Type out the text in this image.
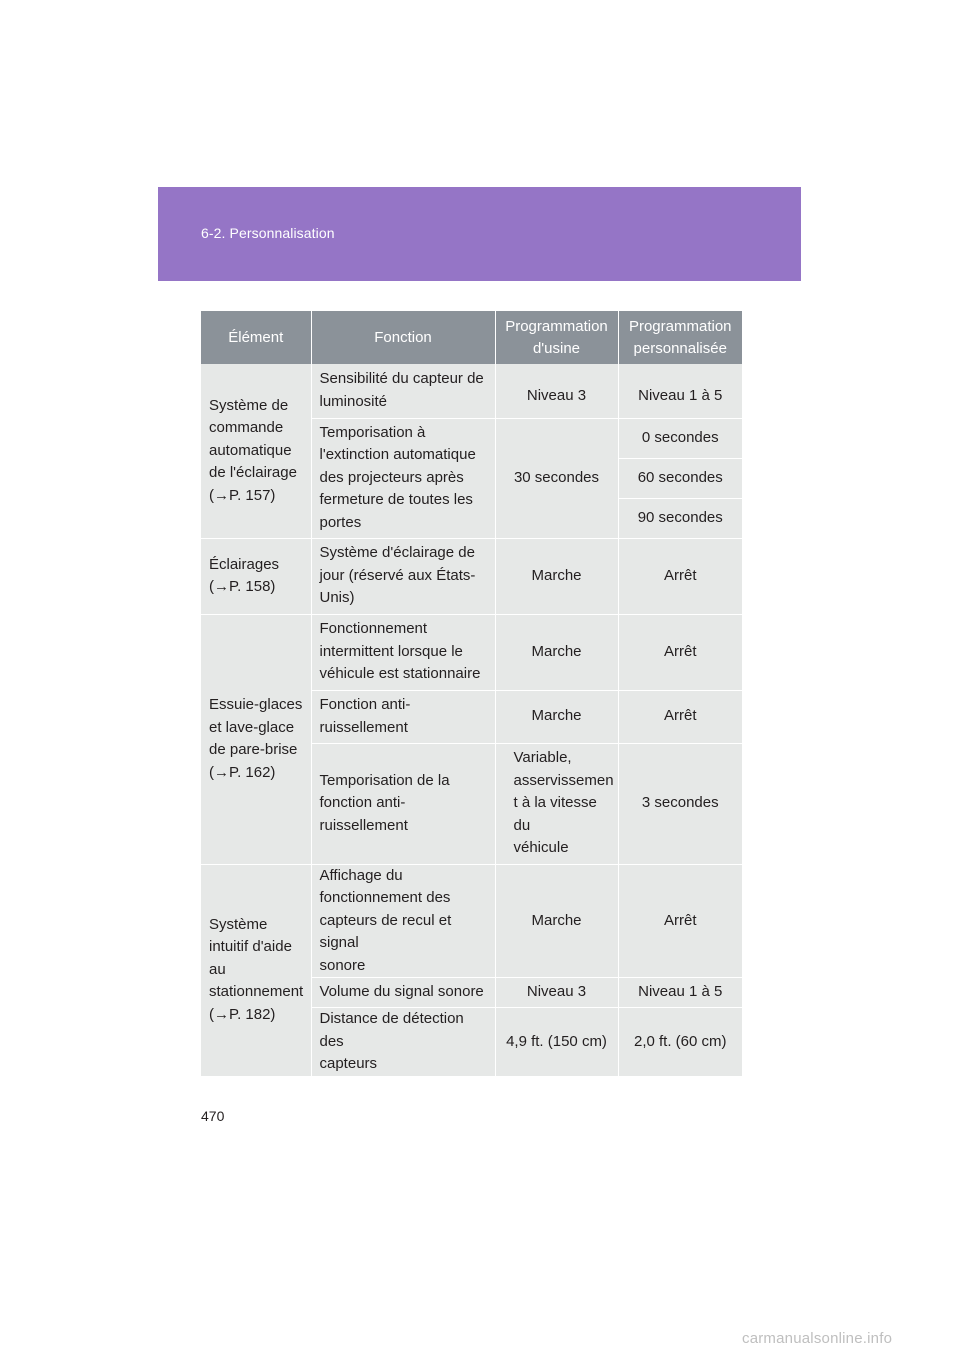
6-2. Personnalisation
Élément	Fonction	Programmation
d'usine	Programmation
personnalisée
Système de
commande
automatique
de l'éclairage
(→P. 157)	Sensibilité du capteur de
luminosité	Niveau 3	Niveau 1 à 5
	Temporisation à
l'extinction automatique
des projecteurs après
fermeture de toutes les
portes	30 secondes	0 secondes
			60 secondes
			90 secondes

Éclairages
(→P. 158)	Système d'éclairage de
jour (réservé aux États-
Unis)	Marche	Arrêt
Essuie-glaces
et lave-glace
de pare-brise
(→P. 162)	Fonctionnement
intermittent lorsque le
véhicule est stationnaire	Marche	Arrêt
	Fonction anti-
ruissellement	Marche	Arrêt
	Temporisation de la
fonction anti-
ruissellement	Variable,
asservissemen
t à la vitesse du
véhicule	3 secondes
Système
intuitif d'aide
au
stationnement
(→P. 182)	Affichage du
fonctionnement des
capteurs de recul et signal
sonore	Marche	Arrêt
	Volume du signal sonore	Niveau 3	Niveau 1 à 5
	Distance de détection des
capteurs	4,9 ft. (150 cm)	2,0 ft. (60 cm)
470
carmanualsonline.info
